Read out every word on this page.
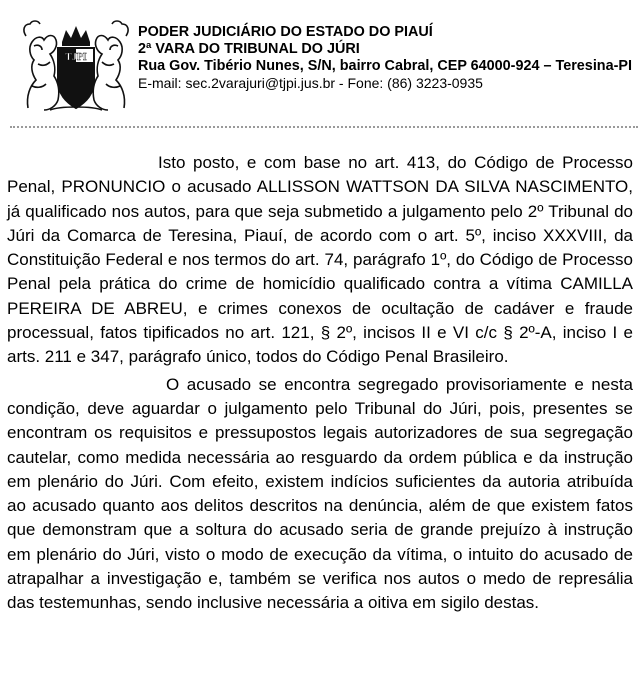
TJPI
PODER JUDICIÁRIO DO ESTADO DO PIAUÍ
2ª VARA DO TRIBUNAL DO JÚRI
Rua Gov. Tibério Nunes, S/N, bairro Cabral, CEP 64000-924 – Teresina-PI
E-mail: sec.2varajuri@tjpi.jus.br - Fone: (86) 3223-0935

Isto posto, e com base no art. 413, do Código de Processo Penal, PRONUNCIO o acusado ALLISSON WATTSON DA SILVA NASCIMENTO, já qualificado nos autos, para que seja submetido a julgamento pelo 2º Tribunal do Júri da Comarca de Teresina, Piauí, de acordo com o art. 5º, inciso XXXVIII, da Constituição Federal e nos termos do art. 74, parágrafo 1º, do Código de Processo Penal pela prática do crime de homicídio qualificado contra a vítima CAMILLA PEREIRA DE ABREU, e crimes conexos de ocultação de cadáver e fraude processual, fatos tipificados no art. 121, § 2º, incisos II e VI c/c § 2º-A, inciso I e arts. 211 e 347, parágrafo único, todos do Código Penal Brasileiro.

O acusado se encontra segregado provisoriamente e nesta condição, deve aguardar o julgamento pelo Tribunal do Júri, pois, presentes se encontram os requisitos e pressupostos legais autorizadores de sua segregação cautelar, como medida necessária ao resguardo da ordem pública e da instrução em plenário do Júri. Com efeito, existem indícios suficientes da autoria atribuída ao acusado quanto aos delitos descritos na denúncia, além de que existem fatos que demonstram que a soltura do acusado seria de grande prejuízo à instrução em plenário do Júri, visto o modo de execução da vítima, o intuito do acusado de atrapalhar a investigação e, também se verifica nos autos o medo de represália das testemunhas, sendo inclusive necessária a oitiva em sigilo destas.
